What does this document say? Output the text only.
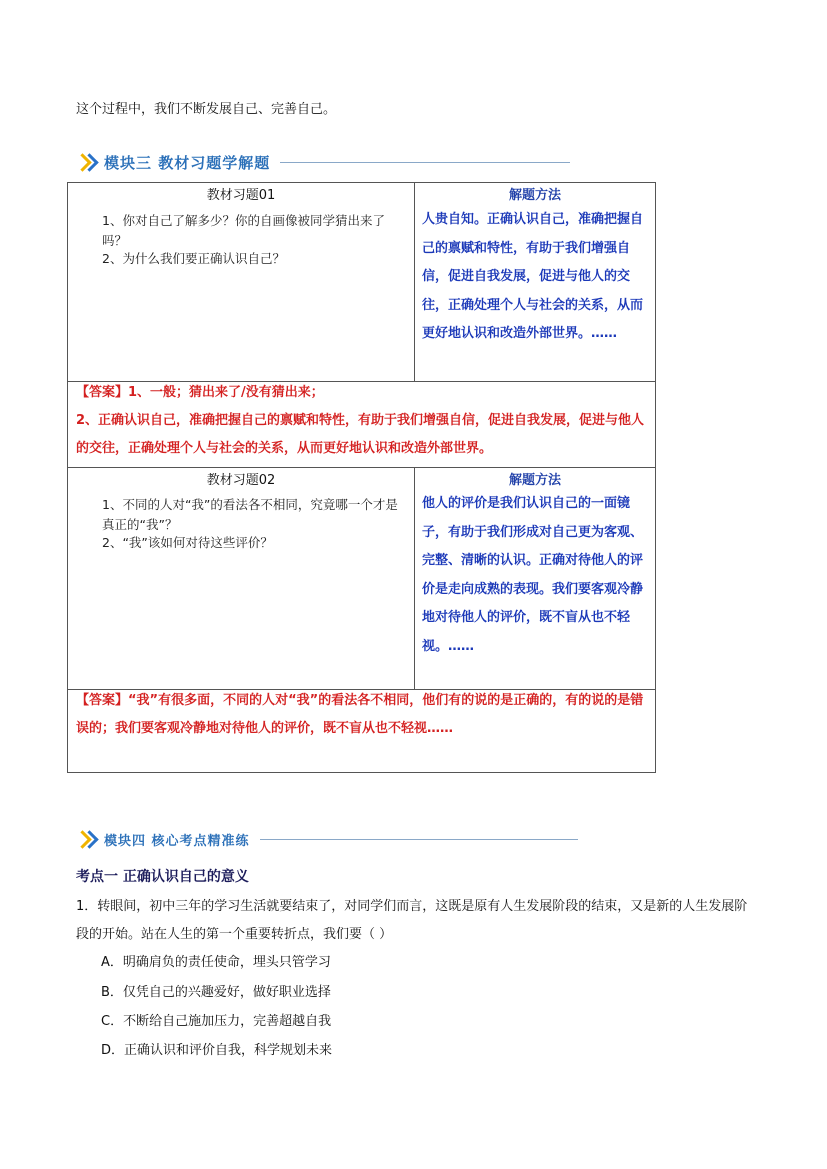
这个过程中，我们不断发展自己、完善自己。
模块三 教材习题学解题
教材习题01	解题方法
1、你对自己了解多少？你的自画像被同学猜出来了吗？
2、为什么我们要正确认识自己？
人贵自知。正确认识自己，准确把握自己的禀赋和特性，有助于我们增强自信，促进自我发展，促进与他人的交往，正确处理个人与社会的关系，从而更好地认识和改造外部世界。……
【答案】1、一般；猜出来了/没有猜出来；
2、正确认识自己，准确把握自己的禀赋和特性，有助于我们增强自信，促进自我发展，促进与他人的交往，正确处理个人与社会的关系，从而更好地认识和改造外部世界。
教材习题02	解题方法
1、不同的人对“我”的看法各不相同，究竟哪一个才是真正的“我”？
2、“我”该如何对待这些评价？
他人的评价是我们认识自己的一面镜子，有助于我们形成对自己更为客观、完整、清晰的认识。正确对待他人的评价是走向成熟的表现。我们要客观冷静地对待他人的评价，既不盲从也不轻视。……
【答案】“我”有很多面，不同的人对“我”的看法各不相同，他们有的说的是正确的，有的说的是错误的；我们要客观冷静地对待他人的评价，既不盲从也不轻视……
模块四 核心考点精准练
考点一 正确认识自己的意义
1．转眼间，初中三年的学习生活就要结束了，对同学们而言，这既是原有人生发展阶段的结束，又是新的人生发展阶段的开始。站在人生的第一个重要转折点，我们要（ ）
A．明确肩负的责任使命，埋头只管学习
B．仅凭自己的兴趣爱好，做好职业选择
C．不断给自己施加压力，完善超越自我
D．正确认识和评价自我，科学规划未来
